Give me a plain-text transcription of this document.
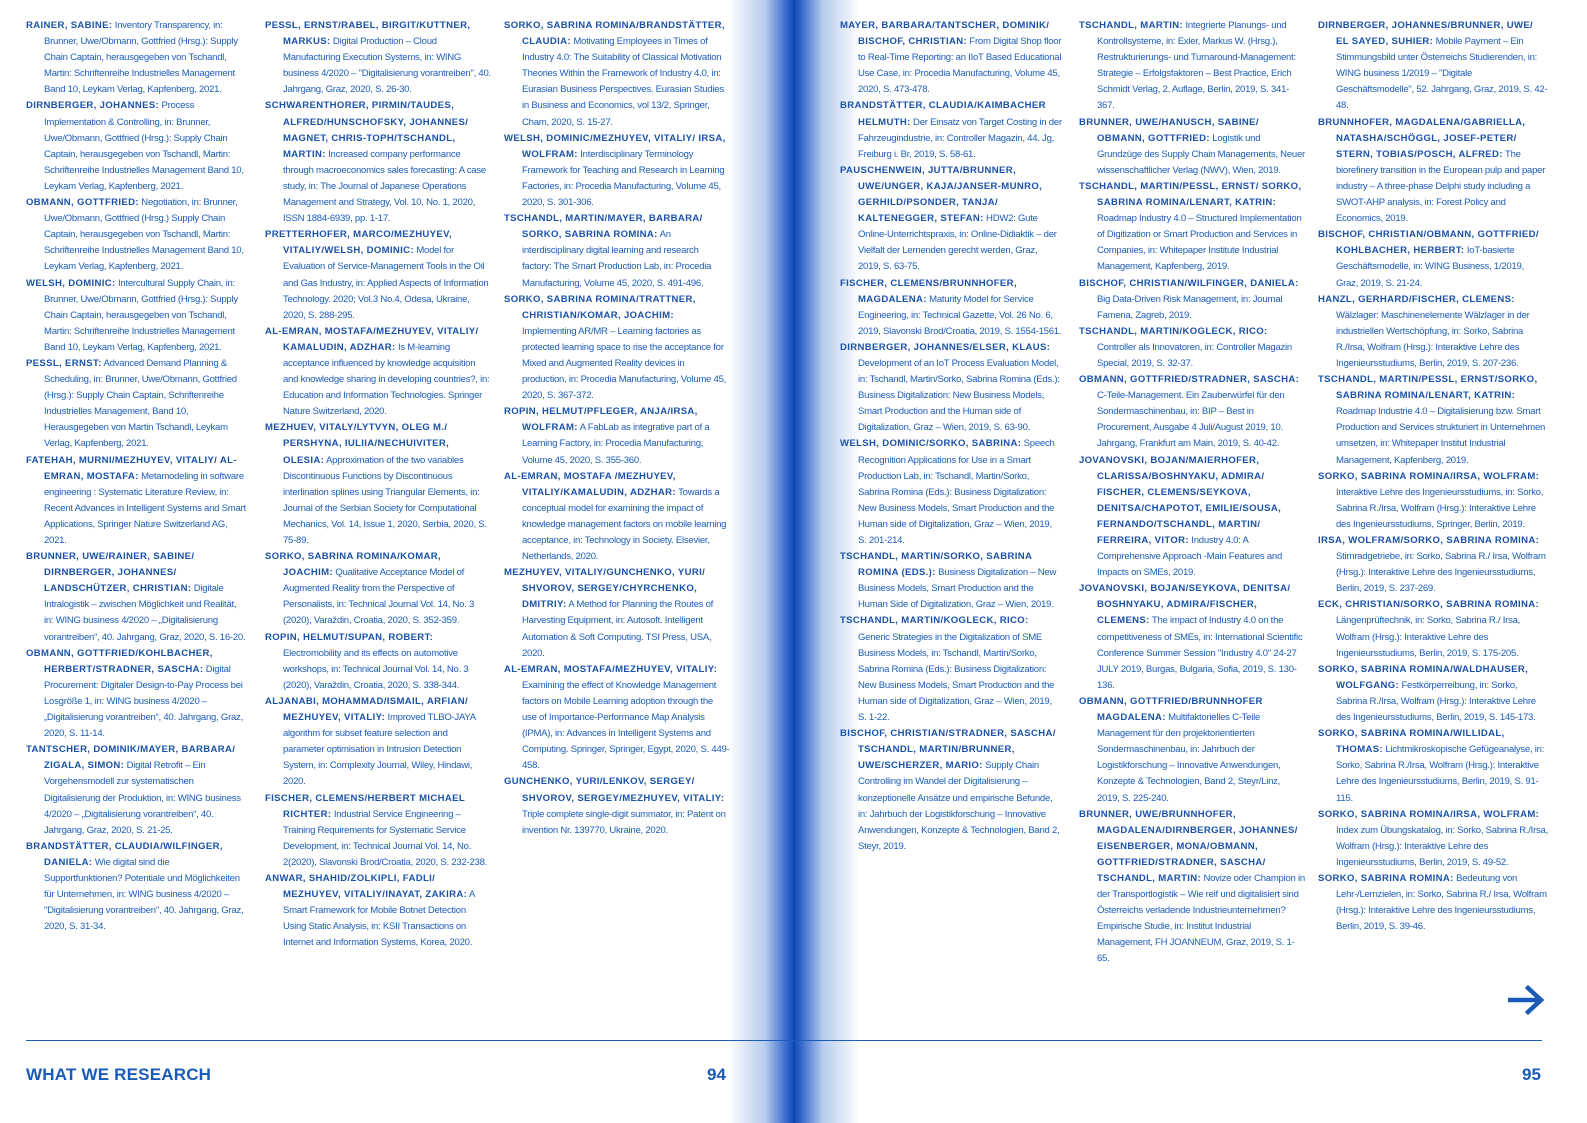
RAINER, SABINE: Inventory Transparency, in: Brunner, Uwe/Obmann, Gottfried (Hrsg.): Supply Chain Captain, herausgegeben von Tschandl, Martin: Schriftenreihe Industrielles Management Band 10, Leykam Verlag, Kapfenberg, 2021.

DIRNBERGER, JOHANNES: Process Implementation & Controlling, in: Brunner, Uwe/Obmann, Gottfried (Hrsg.): Supply Chain Captain, herausgegeben von Tschandl, Martin: Schriftenreihe Industrielles Management Band 10, Leykam Verlag, Kapfenberg, 2021.

OBMANN, GOTTFRIED: Negotiation, in: Brunner, Uwe/Obmann, Gottfried (Hrsg.) Supply Chain Captain, herausgegeben von Tschandl, Martin: Schriftenreihe Industrielles Management Band 10, Leykam Verlag, Kapfenberg, 2021.

WELSH, DOMINIC: Intercultural Supply Chain, in: Brunner, Uwe/Obmann, Gottfried (Hrsg.): Supply Chain Captain, herausgegeben von Tschandl, Martin: Schriftenreihe Industrielles Management Band 10, Leykam Verlag, Kapfenberg, 2021.

PESSL, ERNST: Advanced Demand Planning & Scheduling, in: Brunner, Uwe/Obmann, Gottfried (Hrsg.): Supply Chain Captain, Schriftenreihe Industrielles Management, Band 10, Herausgegeben von Martin Tschandl, Leykam Verlag, Kapfenberg, 2021.

FATEHAH, MURNI/MEZHUYEV, VITALIY/ AL-EMRAN, MOSTAFA: Metamodeling in software engineering : Systematic Literature Review, in: Recent Advances in Intelligent Systems and Smart Applications, Springer Nature Switzerland AG, 2021.

BRUNNER, UWE/RAINER, SABINE/ DIRNBERGER, JOHANNES/ LANDSCHÜTZER, CHRISTIAN: Digitale Intralogistik – zwischen Möglichkeit und Realität, in: WING business 4/2020 – „Digitalisierung vorantreiben“, 40. Jahrgang, Graz, 2020, S. 16-20.

OBMANN, GOTTFRIED/KOHLBACHER, HERBERT/STRADNER, SASCHA: Digital Procurement: Digitaler Design-to-Pay Process bei Losgröße 1, in: WING business 4/2020 – „Digitalisierung vorantreiben“, 40. Jahrgang, Graz, 2020, S. 11-14.

TANTSCHER, DOMINIK/MAYER, BARBARA/ ZIGALA, SIMON: Digital Retrofit – Ein Vorgehensmodell zur systematischen Digitalisierung der Produktion, in: WING business 4/2020 – „Digitalisierung vorantreiben“, 40. Jahrgang, Graz, 2020, S. 21-25.

BRANDSTÄTTER, CLAUDIA/WILFINGER, DANIELA: Wie digital sind die Supportfunktionen? Potentiale und Möglichkeiten für Unternehmen, in: WING business 4/2020 – "Digitalisierung vorantreiben", 40. Jahrgang, Graz, 2020, S. 31-34.

PESSL, ERNST/RABEL, BIRGIT/KUTTNER, MARKUS: Digital Production – Cloud Manufacturing Execution Systems, in: WING business 4/2020 – "Digitalisierung vorantreiben", 40. Jahrgang, Graz, 2020, S. 26-30.

SCHWARENTHORER, PIRMIN/TAUDES, ALFRED/HUNSCHOFSKY, JOHANNES/ MAGNET, CHRIS-TOPH/TSCHANDL, MARTIN: Increased company performance through macroeconomics sales forecasting: A case study, in: The Journal of Japanese Operations Management and Strategy, Vol. 10, No. 1, 2020, ISSN 1884-6939, pp. 1-17.

PRETTERHOFER, MARCO/MEZHUYEV, VITALIY/WELSH, DOMINIC: Model for Evaluation of Service-Management Tools in the Oil and Gas Industry, in: Applied Aspects of Information Technology. 2020; Vol.3 No.4, Odesa, Ukraine, 2020, S. 288-295.

AL-EMRAN, MOSTAFA/MEZHUYEV, VITALIY/ KAMALUDIN, ADZHAR: Is M-learning acceptance influenced by knowledge acquisition and knowledge sharing in developing countries?, in: Education and Information Technologies. Springer Nature Switzerland, 2020.

MEZHUEV, VITALY/LYTVYN, OLEG M./ PERSHYNA, IULIIA/NECHUIVITER, OLESIA: Approximation of the two variables Discontinuous Functions by Discontinuous interlination splines using Triangular Elements, in: Journal of the Serbian Society for Computational Mechanics, Vol. 14, Issue 1, 2020, Serbia, 2020, S. 75-89.

SORKO, SABRINA ROMINA/KOMAR, JOACHIM: Qualitative Acceptance Model of Augmented Reality from the Perspective of Personalists, in: Technical Journal Vol. 14, No. 3 (2020), Varaždin, Croatia, 2020, S. 352-359.

ROPIN, HELMUT/SUPAN, ROBERT: Electromobility and its effects on automotive workshops, in: Technical Journal Vol. 14, No. 3 (2020), Varaždin, Croatia, 2020, S. 338-344.

ALJANABI, MOHAMMAD/ISMAIL, ARFIAN/ MEZHUYEV, VITALIY: Improved TLBO-JAYA algorithm for subset feature selection and parameter optimisation in Intrusion Detection System, in: Complexity Journal, Wiley, Hindawi, 2020.

FISCHER, CLEMENS/HERBERT MICHAEL RICHTER: Industrial Service Engineering – Training Requirements for Systematic Service Development, in: Technical Journal Vol. 14, No. 2(2020), Slavonski Brod/Croatia, 2020, S. 232-238.

ANWAR, SHAHID/ZOLKIPLI, FADLI/ MEZHUYEV, VITALIY/INAYAT, ZAKIRA: A Smart Framework for Mobile Botnet Detection Using Static Analysis, in: KSII Transactions on Internet and Information Systems, Korea, 2020.

SORKO, SABRINA ROMINA/BRANDSTÄTTER, CLAUDIA: Motivating Employees in Times of Industry 4.0: The Suitability of Classical Motivation Theories Within the Framework of Industry 4.0, in: Eurasian Business Perspectives. Eurasian Studies in Business and Economics, vol 13/2, Springer, Cham, 2020, S. 15-27.

WELSH, DOMINIC/MEZHUYEV, VITALIY/ IRSA, WOLFRAM: Interdisciplinary Terminology Framework for Teaching and Research in Learning Factories, in: Procedia Manufacturing, Volume 45, 2020, S. 301-306.

TSCHANDL, MARTIN/MAYER, BARBARA/ SORKO, SABRINA ROMINA: An interdisciplinary digital learning and research factory: The Smart Production Lab, in: Procedia Manufacturing, Volume 45, 2020, S. 491-496.

SORKO, SABRINA ROMINA/TRATTNER, CHRISTIAN/KOMAR, JOACHIM: Implementing AR/MR – Learning factories as protected learning space to rise the acceptance for Mixed and Augmented Reality devices in production, in: Procedia Manufacturing, Volume 45, 2020, S. 367-372.

ROPIN, HELMUT/PFLEGER, ANJA/IRSA, WOLFRAM: A FabLab as integrative part of a Learning Factory, in: Procedia Manufacturing, Volume 45, 2020, S. 355-360.

AL-EMRAN, MOSTAFA /MEZHUYEV, VITALIY/KAMALUDIN, ADZHAR: Towards a conceptual model for examining the impact of knowledge management factors on mobile learning acceptance, in: Technology in Society. Elsevier, Netherlands, 2020.

MEZHUYEV, VITALIY/GUNCHENKO, YURI/ SHVOROV, SERGEY/CHYRCHENKO, DMITRIY: A Method for Planning the Routes of Harvesting Equipment, in: Autosoft. Intelligent Automation & Soft Computing. TSI Press, USA, 2020.

AL-EMRAN, MOSTAFA/MEZHUYEV, VITALIY: Examining the effect of Knowledge Management factors on Mobile Learning adoption through the use of Importance-Performance Map Analysis (IPMA), in: Advances in Intelligent Systems and Computing. Springer, Springer, Egypt, 2020, S. 449-458.

GUNCHENKO, YURI/LENKOV, SERGEY/ SHVOROV, SERGEY/MEZHUYEV, VITALIY: Triple complete single-digit summator, in: Patent on invention Nr. 139770, Ukraine, 2020.

MAYER, BARBARA/TANTSCHER, DOMINIK/ BISCHOF, CHRISTIAN: From Digital Shop floor to Real-Time Reporting: an IIoT Based Educational Use Case, in: Procedia Manufacturing, Volume 45, 2020, S. 473-478.

BRANDSTÄTTER, CLAUDIA/KAIMBACHER HELMUTH: Der Einsatz von Target Costing in der Fahrzeugindustrie, in: Controller Magazin, 44. Jg, Freiburg i. Br, 2019, S. 58-61.

PAUSCHENWEIN, JUTTA/BRUNNER, UWE/UNGER, KAJA/JANSER-MUNRO, GERHILD/PSONDER, TANJA/ KALTENEGGER, STEFAN: HDW2: Gute Online-Unterrichtspraxis, in: Online-Didiaktik – der Vielfalt der Lernenden gerecht werden, Graz, 2019, S. 63-75.

FISCHER, CLEMENS/BRUNNHOFER, MAGDALENA: Maturity Model for Service Engineering, in: Technical Gazette, Vol. 26 No. 6, 2019, Slavonski Brod/Croatia, 2019, S. 1554-1561.

DIRNBERGER, JOHANNES/ELSER, KLAUS: Development of an IoT Process Evaluation Model, in: Tschandl, Martin/Sorko, Sabrina Romina (Eds.): Business Digitalization: New Business Models, Smart Production and the Human side of Digitalization, Graz – Wien, 2019, S. 63-90.

WELSH, DOMINIC/SORKO, SABRINA: Speech Recognition Applications for Use in a Smart Production Lab, in: Tschandl, Martin/Sorko, Sabrina Romina (Eds.): Business Digitalization: New Business Models, Smart Production and the Human side of Digitalization, Graz – Wien, 2019, S. 201-214.

TSCHANDL, MARTIN/SORKO, SABRINA ROMINA (EDS.): Business Digitalization – New Business Models, Smart Production and the Human Side of Digitalization, Graz – Wien, 2019.

TSCHANDL, MARTIN/KOGLECK, RICO: Generic Strategies in the Digitalization of SME Business Models, in: Tschandl, Martin/Sorko, Sabrina Romina (Eds.): Business Digitalization: New Business Models, Smart Production and the Human side of Digitalization, Graz – Wien, 2019, S. 1-22.

BISCHOF, CHRISTIAN/STRADNER, SASCHA/ TSCHANDL, MARTIN/BRUNNER, UWE/SCHERZER, MARIO: Supply Chain Controlling im Wandel der Digitalisierung – konzeptionelle Ansätze und empirische Befunde, in: Jahrbuch der Logistikforschung – Innovative Anwendungen, Konzepte & Technologien, Band 2, Steyr, 2019.

TSCHANDL, MARTIN: Integrierte Planungs- und Kontrollsysteme, in: Exler, Markus W. (Hrsg.), Restrukturierungs- und Turnaround-Management: Strategie – Erfolgsfaktoren – Best Practice, Erich Schmidt Verlag, 2. Auflage, Berlin, 2019, S. 341-367.

BRUNNER, UWE/HANUSCH, SABINE/ OBMANN, GOTTFRIED: Logistik und Grundzüge des Supply Chain Managements, Neuer wissenschaftlicher Verlag (NWV), Wien, 2019.

TSCHANDL, MARTIN/PESSL, ERNST/ SORKO, SABRINA ROMINA/LENART, KATRIN: Roadmap Industry 4.0 – Structured Implementation of Digitization or Smart Production and Services in Companies, in: Whitepaper Institute Industrial Management, Kapfenberg, 2019.

BISCHOF, CHRISTIAN/WILFINGER, DANIELA: Big Data-Driven Risk Management, in: Journal Famena, Zagreb, 2019.

TSCHANDL, MARTIN/KOGLECK, RICO: Controller als Innovatoren, in: Controller Magazin Special, 2019, S. 32-37.

OBMANN, GOTTFRIED/STRADNER, SASCHA: C-Teile-Management. Ein Zauberwürfel für den Sondermaschinenbau, in: BIP – Best in Procurement, Ausgabe 4 Juli/August 2019, 10. Jahrgang, Frankfurt am Main, 2019, S. 40-42.

JOVANOVSKI, BOJAN/MAIERHOFER, CLARISSA/BOSHNYAKU, ADMIRA/ FISCHER, CLEMENS/SEYKOVA, DENITSA/CHAPOTOT, EMILIE/SOUSA, FERNANDO/TSCHANDL, MARTIN/ FERREIRA, VITOR: Industry 4.0: A Comprehensive Approach -Main Features and Impacts on SMEs, 2019.

JOVANOVSKI, BOJAN/SEYKOVA, DENITSA/ BOSHNYAKU, ADMIRA/FISCHER, CLEMENS: The impact of Industry 4.0 on the competitiveness of SMEs, in: International Scientific Conference Summer Session "Industry 4.0" 24-27 JULY 2019, Burgas, Bulgaria, Sofia, 2019, S. 130-136.

OBMANN, GOTTFRIED/BRUNNHOFER MAGDALENA: Multifaktorielles C-Teile Management für den projektorientierten Sondermaschinenbau, in: Jahrbuch der Logistikforschung – Innovative Anwendungen, Konzepte & Technologien, Band 2, Steyr/Linz, 2019, S. 225-240.

BRUNNER, UWE/BRUNNHOFER, MAGDALENA/DIRNBERGER, JOHANNES/ EISENBERGER, MONA/OBMANN, GOTTFRIED/STRADNER, SASCHA/ TSCHANDL, MARTIN: Novize oder Champion in der Transportlogistik – Wie reif und digitalisiert sind Österreichs verladende Industrieunternehmen? Empirische Studie, in: Institut Industrial Management, FH JOANNEUM, Graz, 2019, S. 1-65.

DIRNBERGER, JOHANNES/BRUNNER, UWE/ EL SAYED, SUHIER: Mobile Payment – Ein Stimmungsbild unter Österreichs Studierenden, in: WING business 1/2019 – "Digitale Geschäftsmodelle", 52. Jahrgang, Graz, 2019, S. 42-48.

BRUNNHOFER, MAGDALENA/GABRIELLA, NATASHA/SCHÖGGL, JOSEF-PETER/ STERN, TOBIAS/POSCH, ALFRED: The biorefinery transition in the European pulp and paper industry – A three-phase Delphi study including a SWOT-AHP analysis, in: Forest Policy and Economics, 2019.

BISCHOF, CHRISTIAN/OBMANN, GOTTFRIED/ KOHLBACHER, HERBERT: IoT-basierte Geschäftsmodelle, in: WING Business, 1/2019, Graz, 2019, S. 21-24.

HANZL, GERHARD/FISCHER, CLEMENS: Wälzlager: Maschinenelemente Wälzlager in der industriellen Wertschöpfung, in: Sorko, Sabrina R./Irsa, Wolfram (Hrsg.): Interaktive Lehre des Ingenieursstudiums, Berlin, 2019, S. 207-236.

TSCHANDL, MARTIN/PESSL, ERNST/SORKO, SABRINA ROMINA/LENART, KATRIN: Roadmap Industrie 4.0 – Digitalisierung bzw. Smart Production and Services strukturiert in Unternehmen umsetzen, in: Whitepaper Institut Industrial Management, Kapfenberg, 2019.

SORKO, SABRINA ROMINA/IRSA, WOLFRAM: Interaktive Lehre des Ingenieursstudiums, in: Sorko, Sabrina R./Irsa, Wolfram (Hrsg.): Interaktive Lehre des Ingenieursstudiums, Springer, Berlin, 2019.

IRSA, WOLFRAM/SORKO, SABRINA ROMINA: Stirnradgetriebe, in: Sorko, Sabrina R./ Irsa, Wolfram (Hrsg.): Interaktive Lehre des Ingenieursstudiums, Berlin, 2019, S. 237-269.

ECK, CHRISTIAN/SORKO, SABRINA ROMINA: Längenprüftechnik, in: Sorko, Sabrina R./ Irsa, Wolfram (Hrsg.): Interaktive Lehre des Ingenieursstudiums, Berlin, 2019, S. 175-205.

SORKO, SABRINA ROMINA/WALDHAUSER, WOLFGANG: Festkörperreibung, in: Sorko, Sabrina R./Irsa, Wolfram (Hrsg.): Interaktive Lehre des Ingenieursstudiums, Berlin, 2019, S. 145-173.

SORKO, SABRINA ROMINA/WILLIDAL, THOMAS: Lichtmikroskopische Gefügeanalyse, in: Sorko, Sabrina R./Irsa, Wolfram (Hrsg.): Interaktive Lehre des Ingenieursstudiums, Berlin, 2019, S. 91-115.

SORKO, SABRINA ROMINA/IRSA, WOLFRAM: Index zum Übungskatalog, in: Sorko, Sabrina R./Irsa, Wolfram (Hrsg.): Interaktive Lehre des Ingenieursstudiums, Berlin, 2019, S. 49-52.

SORKO, SABRINA ROMINA: Bedeutung von Lehr-/Lernzielen, in: Sorko, Sabrina R./ Irsa, Wolfram (Hrsg.): Interaktive Lehre des Ingenieursstudiums, Berlin, 2019, S. 39-46.

WHAT WE RESEARCH	94	95
